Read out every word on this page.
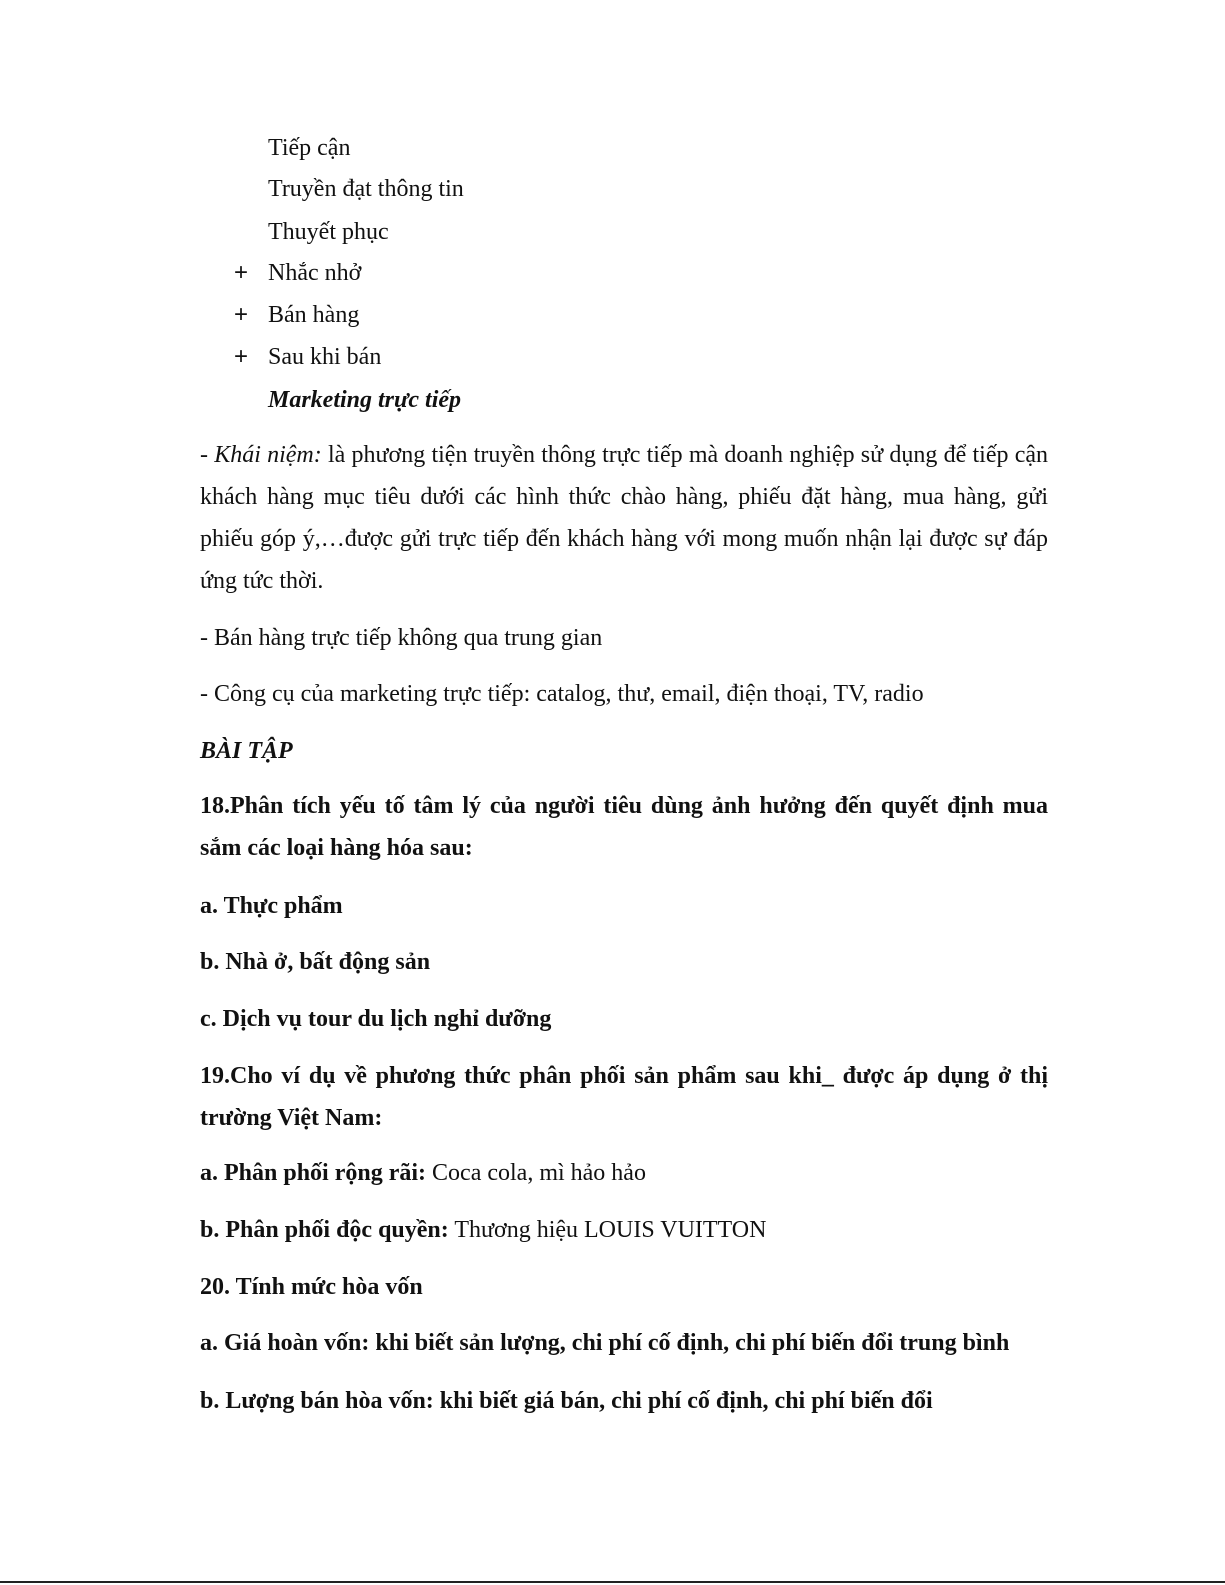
Tiếp cận

Truyền đạt thông tin

Thuyết phục

+ Nhắc nhở

+ Bán hàng

+ Sau khi bán

Marketing trực tiếp

- Khái niệm: là phương tiện truyền thông trực tiếp mà doanh nghiệp sử dụng để tiếp cận khách hàng mục tiêu dưới các hình thức chào hàng, phiếu đặt hàng, mua hàng, gửi phiếu góp ý,…được gửi trực tiếp đến khách hàng với mong muốn nhận lại được sự đáp ứng tức thời.

- Bán hàng trực tiếp không qua trung gian

- Công cụ của marketing trực tiếp: catalog, thư, email, điện thoại, TV, radio

BÀI TẬP

18.Phân tích yếu tố tâm lý của người tiêu dùng ảnh hưởng đến quyết định mua sắm các loại hàng hóa sau:

a. Thực phẩm

b. Nhà ở, bất động sản

c. Dịch vụ tour du lịch nghỉ dưỡng

19.Cho ví dụ về phương thức phân phối sản phẩm sau khi_ được áp dụng ở thị trường Việt Nam:

a. Phân phối rộng rãi: Coca cola, mì hảo hảo

b. Phân phối độc quyền: Thương hiệu LOUIS VUITTON

20. Tính mức hòa vốn

a. Giá hoàn vốn: khi biết sản lượng, chi phí cố định, chi phí biến đổi trung bình

b. Lượng bán hòa vốn: khi biết giá bán, chi phí cố định, chi phí biến đổi
